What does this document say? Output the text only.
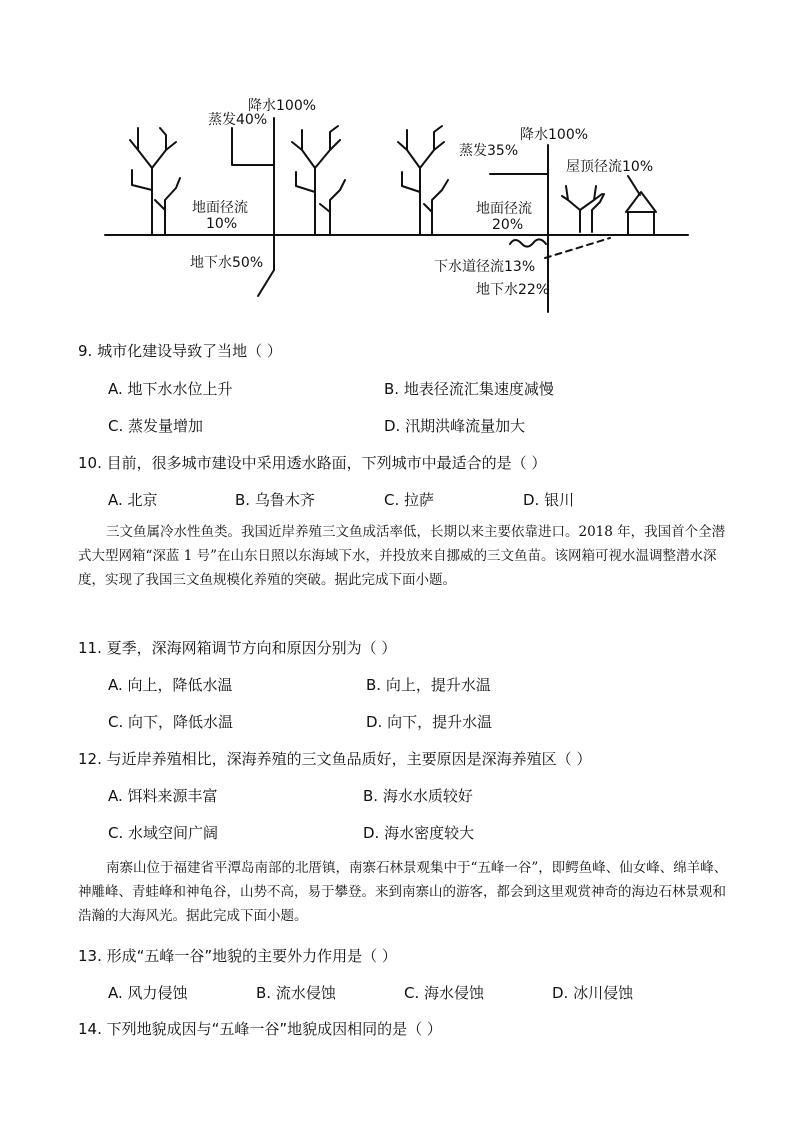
降水100%
蒸发40%
地面径流
10%
地下水50%
降水100%
蒸发35%
屋顶径流10%
地面径流
20%
下水道径流13%
地下水22%
9. 城市化建设导致了当地（ ）
A. 地下水水位上升	B. 地表径流汇集速度减慢
C. 蒸发量增加	D. 汛期洪峰流量加大
10. 目前，很多城市建设中采用透水路面，下列城市中最适合的是（ ）
A. 北京	B. 乌鲁木齐	C. 拉萨	D. 银川

三文鱼属冷水性鱼类。我国近岸养殖三文鱼成活率低，长期以来主要依靠进口。2018 年，我国首个全潜式大型网箱“深蓝 1 号”在山东日照以东海域下水，并投放来自挪威的三文鱼苗。该网箱可视水温调整潜水深度，实现了我国三文鱼规模化养殖的突破。据此完成下面小题。

11. 夏季，深海网箱调节方向和原因分别为（ ）
A. 向上，降低水温	B. 向上，提升水温
C. 向下，降低水温	D. 向下，提升水温
12. 与近岸养殖相比，深海养殖的三文鱼品质好，主要原因是深海养殖区（ ）
A. 饵料来源丰富	B. 海水水质较好
C. 水域空间广阔	D. 海水密度较大

南寨山位于福建省平潭岛南部的北厝镇，南寨石林景观集中于“五峰一谷”，即鳄鱼峰、仙女峰、绵羊峰、神雕峰、青蛙峰和神龟谷，山势不高，易于攀登。来到南寨山的游客，都会到这里观赏神奇的海边石林景观和浩瀚的大海风光。据此完成下面小题。

13. 形成“五峰一谷”地貌的主要外力作用是（ ）
A. 风力侵蚀	B. 流水侵蚀	C. 海水侵蚀	D. 冰川侵蚀
14. 下列地貌成因与“五峰一谷”地貌成因相同的是（ ）
